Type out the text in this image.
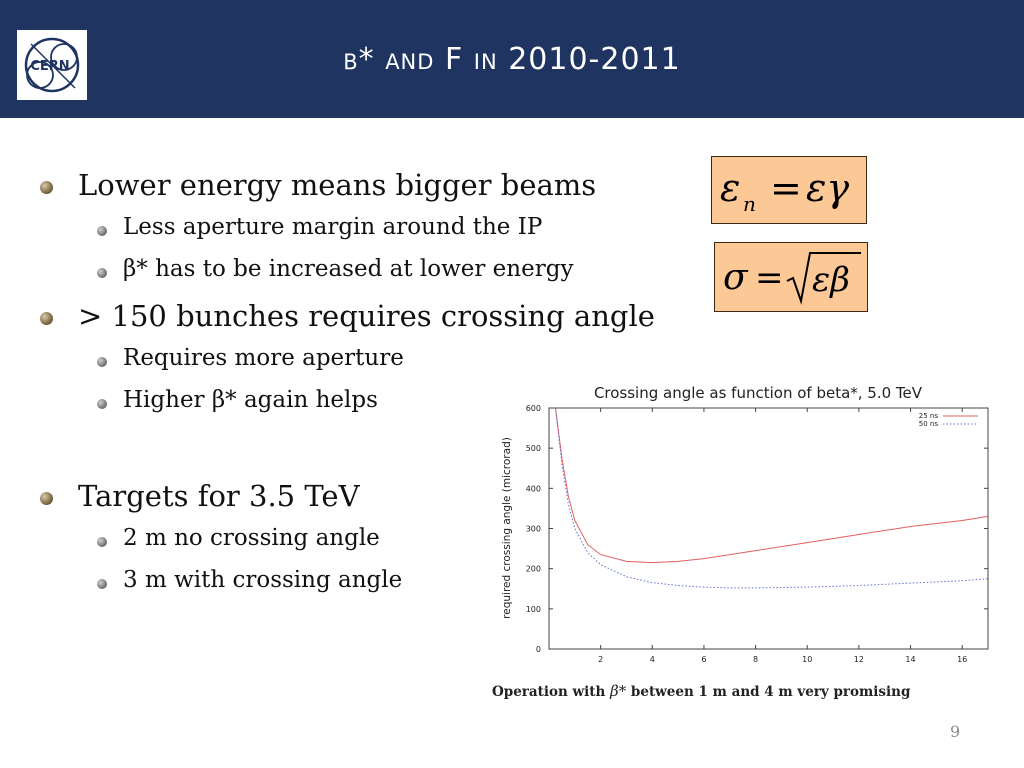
CERN	β* and F in 2010-2011
Lower energy means bigger beams
Less aperture margin around the IP
β* has to be increased at lower energy
> 150 bunches requires crossing angle
Requires more aperture
Higher β* again helps
Targets for 3.5 TeV
2 m no crossing angle
3 m with crossing angle
ε n = εγ
σ = εβ
Crossing angle as function of beta*, 5.0 TeV
required crossing angle (microrad)
0
100
200
300
400
500
600
2	4	6	8	10	12	14	16
25 ns
50 ns
Operation with β* between 1 m and 4 m very promising
9
